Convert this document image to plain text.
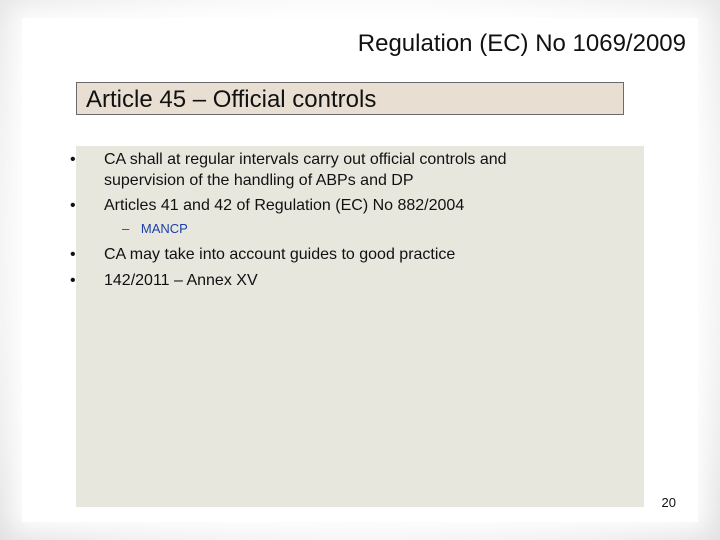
Regulation (EC) No 1069/2009
Article 45 – Official controls
• CA shall at regular intervals carry out official controls and supervision of the handling of ABPs and DP
• Articles 41 and 42 of Regulation (EC) No 882/2004
– MANCP
• CA may take into account guides to good practice
• 142/2011 – Annex XV
20
